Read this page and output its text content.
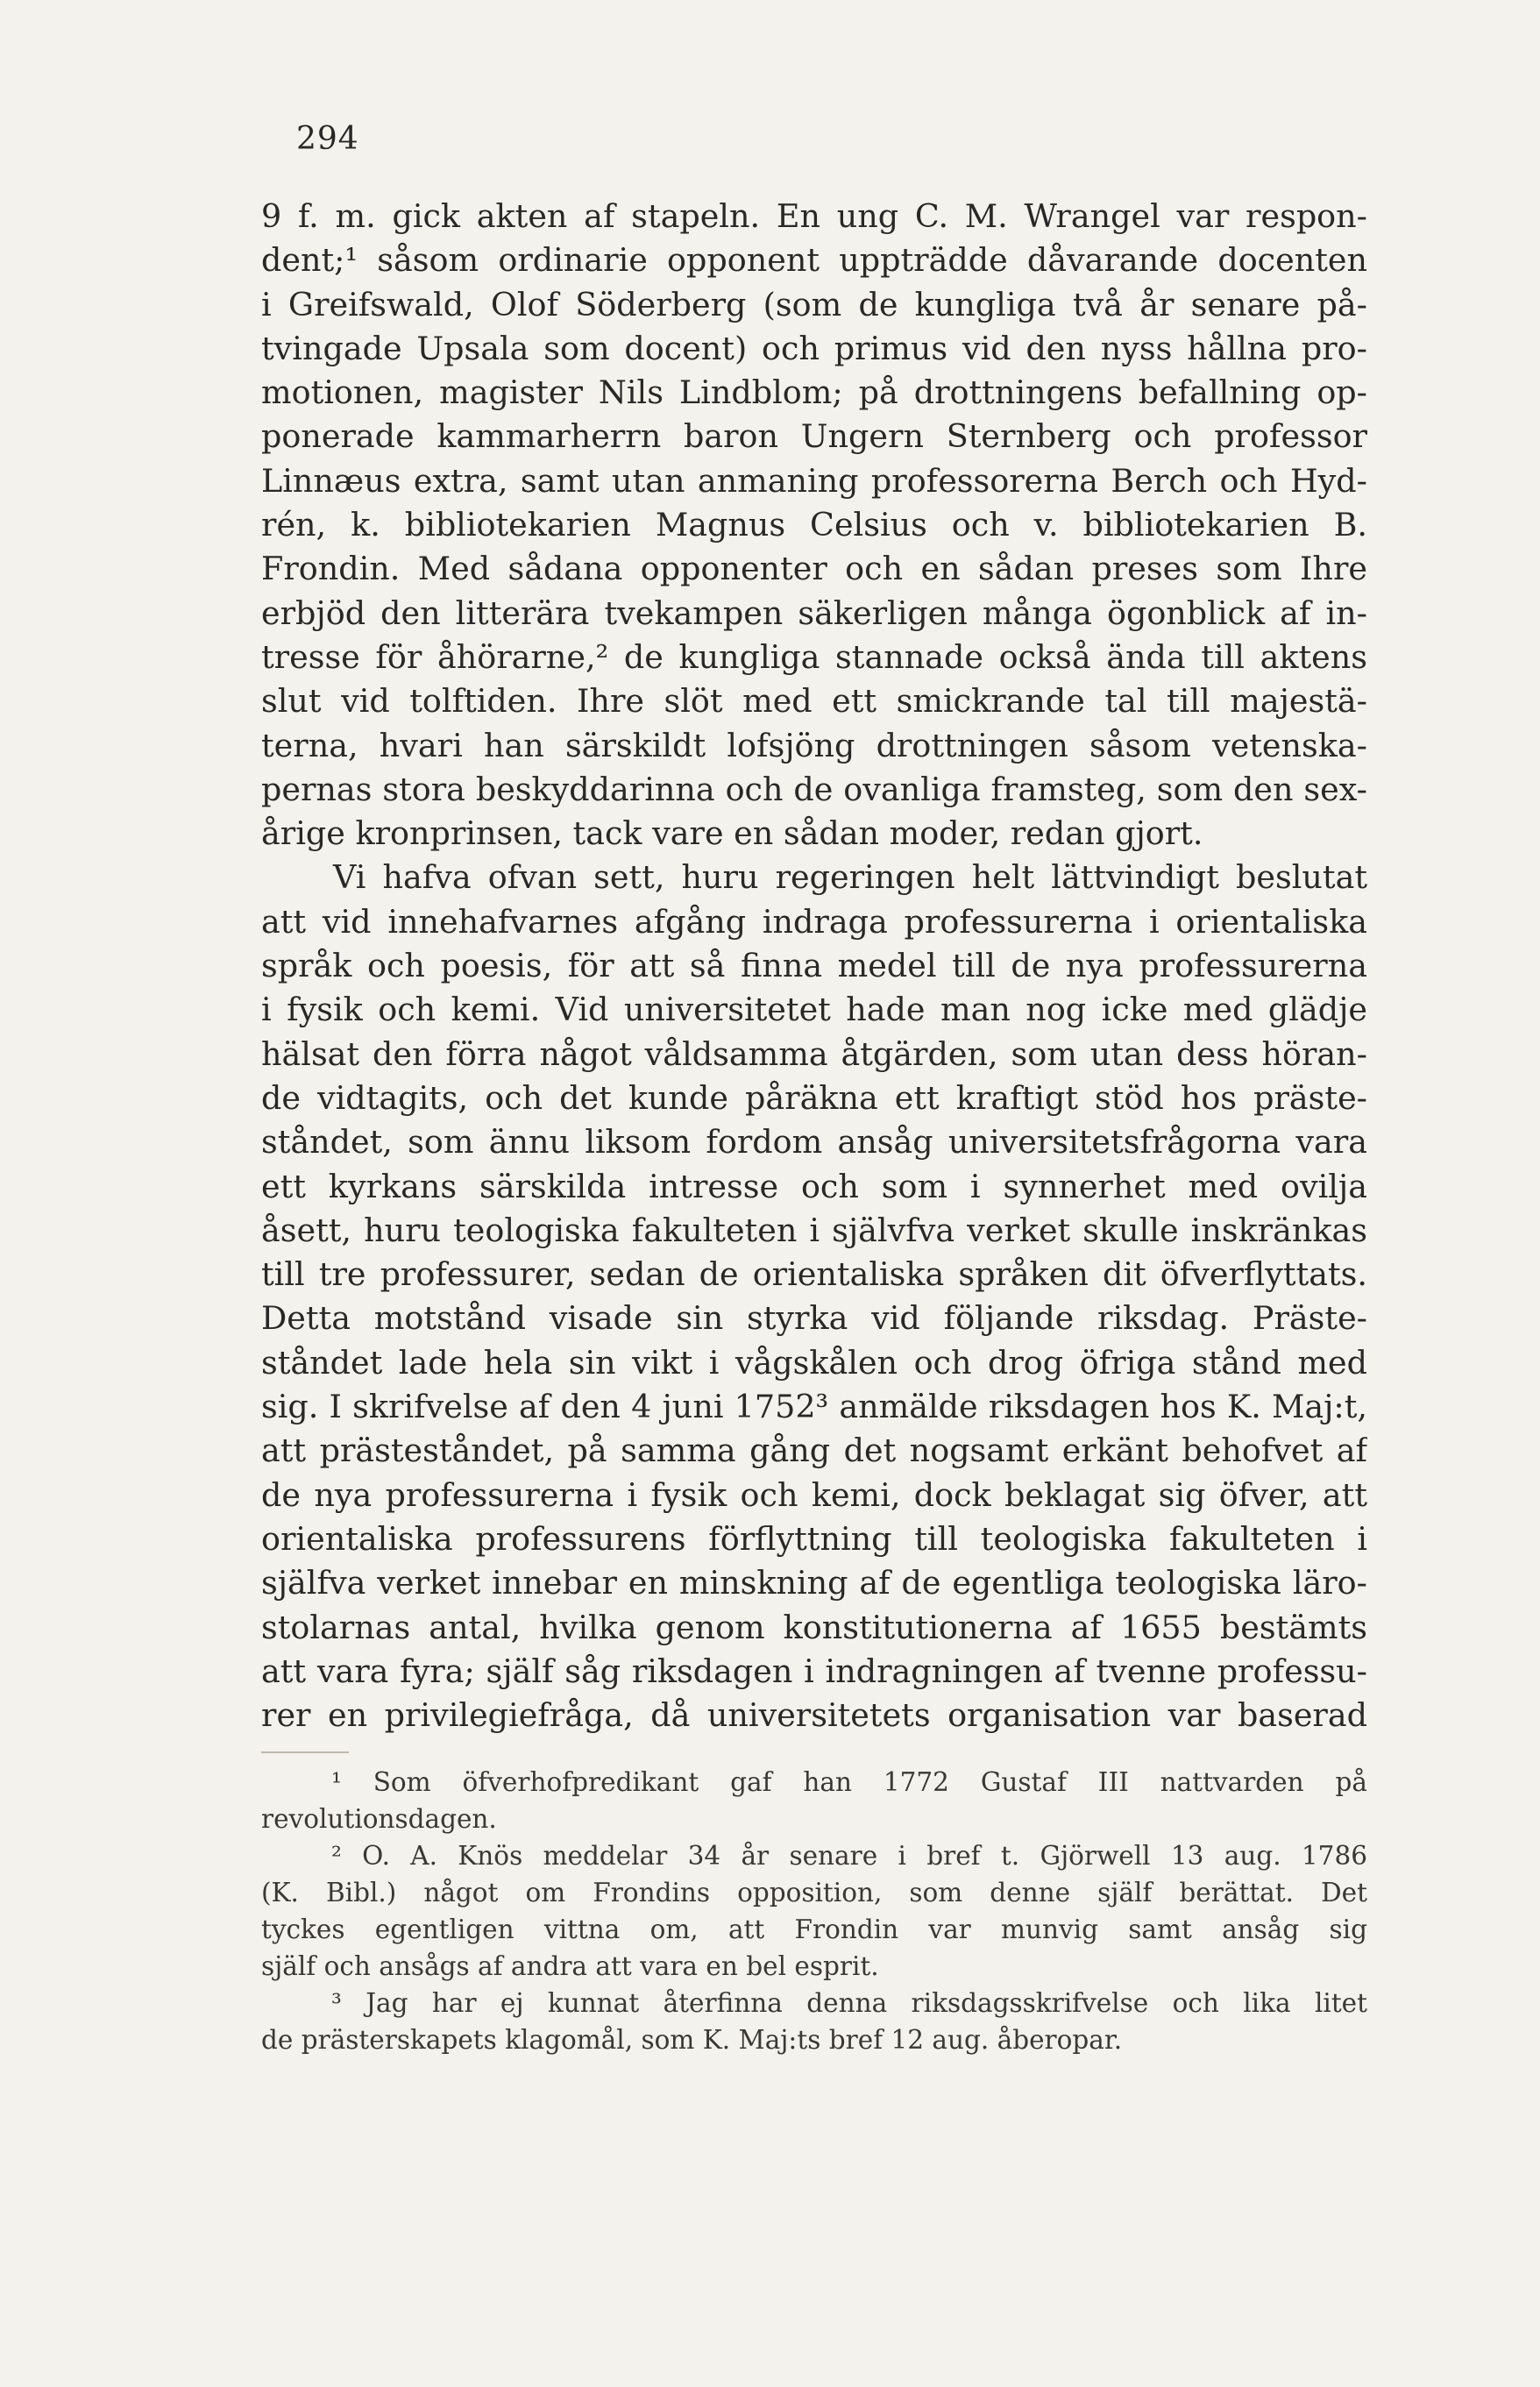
294
9 f. m. gick akten af stapeln. En ung C. M. Wrangel var respon-
dent;¹ såsom ordinarie opponent uppträdde dåvarande docenten
i Greifswald, Olof Söderberg (som de kungliga två år senare på-
tvingade Upsala som docent) och primus vid den nyss hållna pro-
motionen, magister Nils Lindblom; på drottningens befallning op-
ponerade kammarherrn baron Ungern Sternberg och professor
Linnæus extra, samt utan anmaning professorerna Berch och Hyd-
rén, k. bibliotekarien Magnus Celsius och v. bibliotekarien B.
Frondin. Med sådana opponenter och en sådan preses som Ihre
erbjöd den litterära tvekampen säkerligen många ögonblick af in-
tresse för åhörarne,² de kungliga stannade också ända till aktens
slut vid tolftiden. Ihre slöt med ett smickrande tal till majestä-
terna, hvari han särskildt lofsjöng drottningen såsom vetenska-
pernas stora beskyddarinna och de ovanliga framsteg, som den sex-
årige kronprinsen, tack vare en sådan moder, redan gjort.
Vi hafva ofvan sett, huru regeringen helt lättvindigt beslutat
att vid innehafvarnes afgång indraga professurerna i orientaliska
språk och poesis, för att så finna medel till de nya professurerna
i fysik och kemi. Vid universitetet hade man nog icke med glädje
hälsat den förra något våldsamma åtgärden, som utan dess höran-
de vidtagits, och det kunde påräkna ett kraftigt stöd hos präste-
ståndet, som ännu liksom fordom ansåg universitetsfrågorna vara
ett kyrkans särskilda intresse och som i synnerhet med ovilja
åsett, huru teologiska fakulteten i självfva verket skulle inskränkas
till tre professurer, sedan de orientaliska språken dit öfverflyttats.
Detta motstånd visade sin styrka vid följande riksdag. Präste-
ståndet lade hela sin vikt i vågskålen och drog öfriga stånd med
sig. I skrifvelse af den 4 juni 1752³ anmälde riksdagen hos K. Maj:t,
att prästeståndet, på samma gång det nogsamt erkänt behofvet af
de nya professurerna i fysik och kemi, dock beklagat sig öfver, att
orientaliska professurens förflyttning till teologiska fakulteten i
själfva verket innebar en minskning af de egentliga teologiska läro-
stolarnas antal, hvilka genom konstitutionerna af 1655 bestämts
att vara fyra; själf såg riksdagen i indragningen af tvenne professu-
rer en privilegiefråga, då universitetets organisation var baserad
¹ Som öfverhofpredikant gaf han 1772 Gustaf III nattvarden på
revolutionsdagen.
² O. A. Knös meddelar 34 år senare i bref t. Gjörwell 13 aug. 1786
(K. Bibl.) något om Frondins opposition, som denne själf berättat. Det
tyckes egentligen vittna om, att Frondin var munvig samt ansåg sig
själf och ansågs af andra att vara en bel esprit.
³ Jag har ej kunnat återfinna denna riksdagsskrifvelse och lika litet
de prästerskapets klagomål, som K. Maj:ts bref 12 aug. åberopar.
